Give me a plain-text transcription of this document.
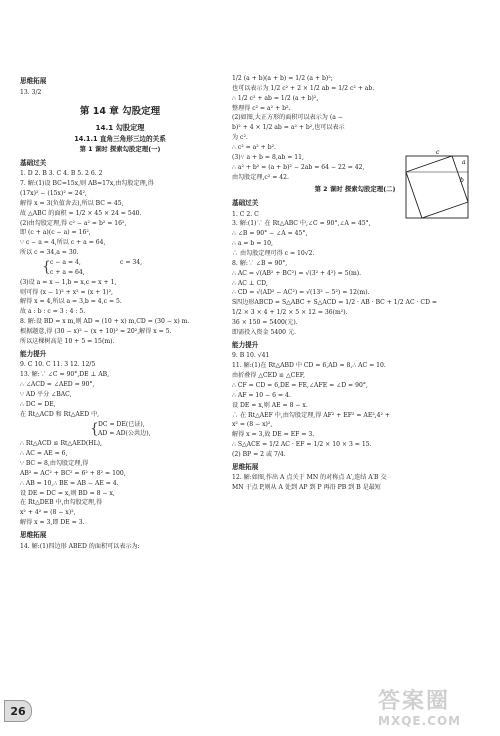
思维拓展
13. 3/2
第 14 章 勾股定理
14.1 勾股定理
14.1.1 直角三角形三边的关系
第 1 课时 探索勾股定理(一)
基础过关
1. D 2. B 3. C 4. B 5. 2 6. 2
7. 解:(1)设 BC=15x,则 AB=17x,由勾股定理,得
(17x)² − (15x)² = 24²,
解得 x = 3(负值舍去),所以 BC = 45,
故 △ABC 的面积 = 1/2 × 45 × 24 = 540.
(2)由勾股定理,得 c² − a² = b² = 16²,
即 (c + a)(c − a) = 16²,
∵ c − a = 4,所以 c + a = 64,
所以 c = 34,a = 30.
{ c − a = 4,
c + a = 64,
c = 34,
(3)设 a = x − 1,b = x,c = x + 1,
则可得 (x − 1)² + x² = (x + 1)²,
解得 x = 4,所以 a = 3,b = 4,c = 5.
故 a : b : c = 3 : 4 : 5.
8. 解:设 BD = x m,则 AD = (10 + x) m,CD = (30 − x) m.
根据题意,得 (30 − x)² − (x + 10)² = 20²,解得 x = 5.
所以这棵树高是 10 + 5 = 15(m).
能力提升
9. C 10. C 11. 3 12. 12/5
13. 解:∵ ∠C = 90°,DE ⊥ AB,
∴ ∠ACD = ∠AED = 90°,
∵ AD 平分 ∠BAC,
∴ DC = DE,
在 Rt△ACD 和 Rt△AED 中,
{ DC = DE(已证),
AD = AD(公共边),
∴ Rt△ACD ≌ Rt△AED(HL),
∴ AC = AE = 6,
∵ BC = 8,由勾股定理,得
AB² = AC² + BC² = 6² + 8² = 100,
∴ AB = 10,∴ BE = AB − AE = 4.
设 DE = DC = x,则 BD = 8 − x,
在 Rt△DEB 中,由勾股定理,得
x² + 4² = (8 − x)²,
解得 x = 3,即 DE = 3.
思维拓展
14. 解:(1)四边形 ABED 的面积可以表示为:
1/2 (a + b)(a + b) = 1/2 (a + b)²;
也可以表示为 1/2 c² + 2 × 1/2 ab = 1/2 c² + ab.
∴ 1/2 c² + ab = 1/2 (a + b)²,
整理得 c² = a² + b².
(2)如图,大正方形的面积可以表示为 (a −
b)² + 4 × 1/2 ab = a² + b²,也可以表示
为 c².
∴ c² = a² + b².
(3)∵ a + b = 8,ab = 11,
∴ a² + b² = (a + b)² − 2ab = 64 − 22 = 42,
由勾股定理,c² = 42.
第 2 课时 探索勾股定理(二)
基础过关
1. C 2. C
3. 解:(1)∵ 在 Rt△ABC 中,∠C = 90°,∠A = 45°,
∴ ∠B = 90° − ∠A = 45°,
∴ a = b = 10,
∴ 由勾股定理可得 c = 10√2.
8. 解:∵ ∠B = 90°,
∴ AC = √(AB² + BC²) = √(3² + 4²) = 5(m).
∴ AC ⊥ CD,
∴ CD = √(AD² − AC²) = √(13² − 5²) = 12(m).
S四边形ABCD = S△ABC + S△ACD = 1/2 · AB · BC + 1/2 AC · CD =
1/2 × 3 × 4 + 1/2 × 5 × 12 = 36(m²).
36 × 150 = 5400(元).
即需投入资金 5400 元.
能力提升
9. B 10. √41
11. 解:(1)在 Rt△ABD 中 CD = 6,AD = 8,∴ AC = 10.
由折叠得 △CED ≌ △CEF,
∴ CF = CD = 6,DE = FE,∠AFE = ∠D = 90°,
∴ AF = 10 − 6 = 4.
设 DE = x,则 AE = 8 − x.
∴ 在 Rt△AEF 中,由勾股定理,得 AF² + EF² = AE²,4² +
x² = (8 − x)²,
解得 x = 3,故 DE = EF = 3.
∴ S△ACE = 1/2 AC · EF = 1/2 × 10 × 3 = 15.
(2) BP = 2 或 7/4.
思维拓展
12. 解:如图,作出 A 点关于 MN 的对称点 A′,连结 A′B 交
MN 于点 P,则从 A 处到 AP 到 P 再沿 PB 到 B 是最短
c
a
b
26	答案圈
MXQE.COM
